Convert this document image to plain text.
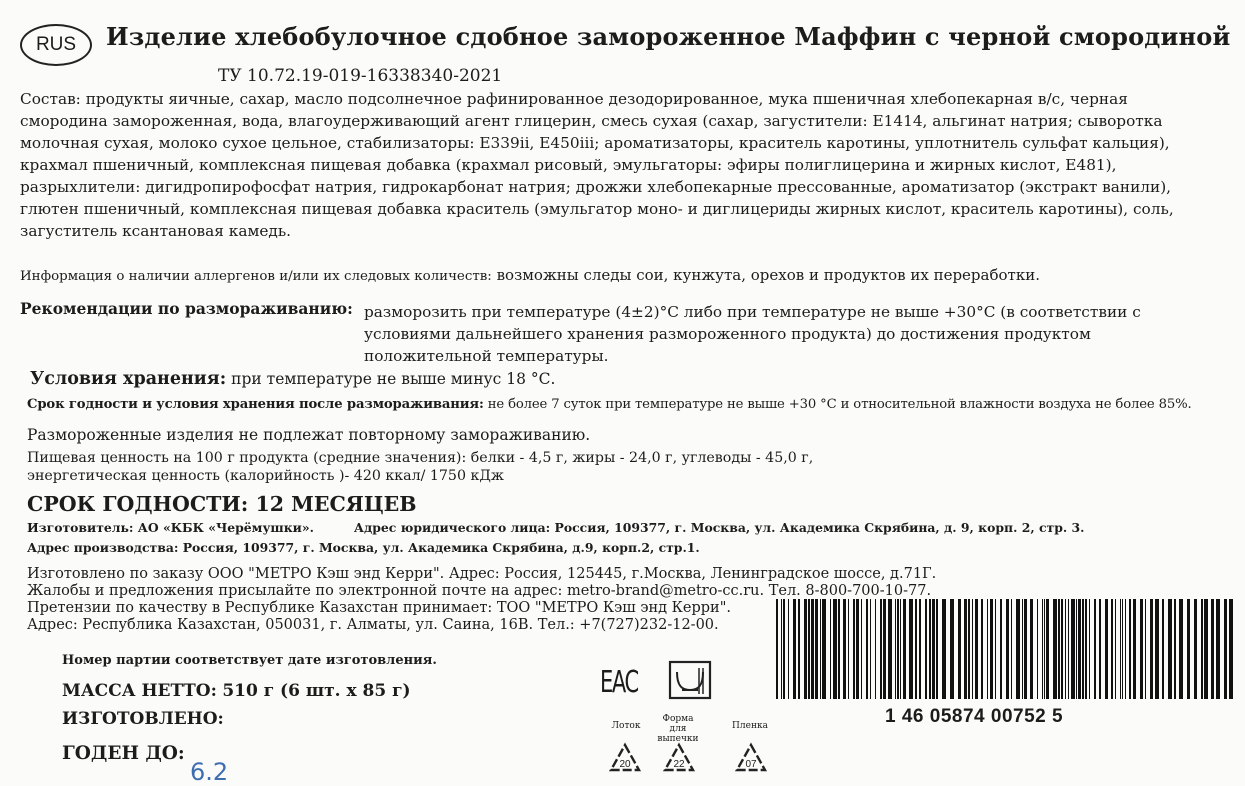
RUS Изделие хлебобулочное сдобное замороженное Маффин с черной смородиной
ТУ 10.72.19-019-16338340-2021
Состав: продукты яичные, сахар, масло подсолнечное рафинированное дезодорированное, мука пшеничная хлебопекарная в/с, черная смородина замороженная, вода, влагоудерживающий агент глицерин, смесь сухая (сахар, загустители: Е1414, альгинат натрия; сыворотка молочная сухая, молоко сухое цельное, стабилизаторы: Е339ii, Е450iii; ароматизаторы, краситель каротины, уплотнитель сульфат кальция), крахмал пшеничный, комплексная пищевая добавка (крахмал рисовый, эмульгаторы: эфиры полиглицерина и жирных кислот, Е481), разрыхлители: дигидропирофосфат натрия, гидрокарбонат натрия; дрожжи хлебопекарные прессованные, ароматизатор (экстракт ванили), глютен пшеничный, комплексная пищевая добавка краситель (эмульгатор моно- и диглицериды жирных кислот, краситель каротины), соль, загуститель ксантановая камедь.
Информация о наличии аллергенов и/или их следовых количеств: возможны следы сои, кунжута, орехов и продуктов их переработки.
Рекомендации по размораживанию: разморозить при температуре (4±2)°С либо при температуре не выше +30°С (в соответствии с условиями дальнейшего хранения размороженного продукта) до достижения продуктом положительной температуры.
Условия хранения: при температуре не выше минус 18 °С.
Срок годности и условия хранения после размораживания: не более 7 суток при температуре не выше +30 °С и относительной влажности воздуха не более 85%.
Размороженные изделия не подлежат повторному замораживанию.
Пищевая ценность на 100 г продукта (средние значения): белки - 4,5 г, жиры - 24,0 г, углеводы - 45,0 г,
энергетическая ценность (калорийность )- 420 ккал/ 1750 кДж
СРОК ГОДНОСТИ: 12 МЕСЯЦЕВ
Изготовитель: АО «КБК «Черёмушки».	Адрес юридического лица: Россия, 109377, г. Москва, ул. Академика Скрябина, д. 9, корп. 2, стр. 3.
Адрес производства: Россия, 109377, г. Москва, ул. Академика Скрябина, д.9, корп.2, стр.1.
Изготовлено по заказу ООО "МЕТРО Кэш энд Керри". Адрес: Россия, 125445, г.Москва, Ленинградское шоссе, д.71Г.
Жалобы и предложения присылайте по электронной почте на адрес: metro-brand@metro-cc.ru. Тел. 8-800-700-10-77.
Претензии по качеству в Республике Казахстан принимает: ТОО "МЕТРО Кэш энд Керри".
Адрес: Республика Казахстан, 050031, г. Алматы, ул. Саина, 16В. Тел.: +7(727)232-12-00.
Номер партии соответствует дате изготовления.
МАССА НЕТТО: 510 г (6 шт. х 85 г)
ИЗГОТОВЛЕНО:
ГОДЕН ДО:
6.2
EAC
Лоток
Форма для выпечки
Пленка
20	22	07
1 46 05874 00752 5
